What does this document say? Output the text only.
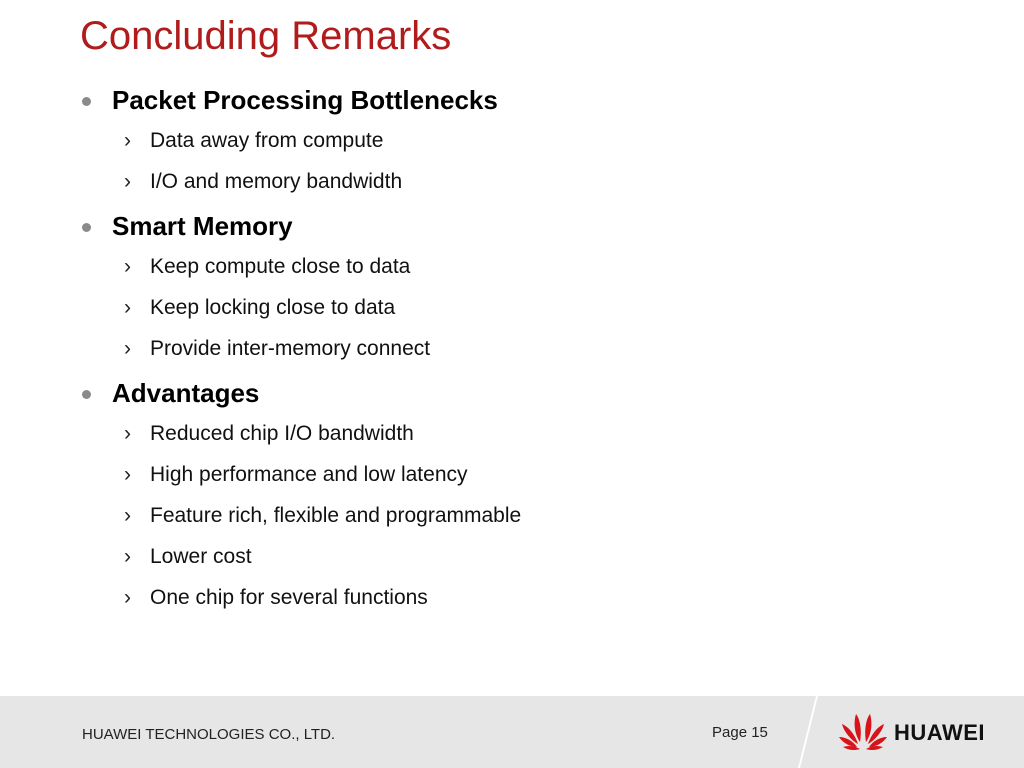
Concluding Remarks
Packet Processing Bottlenecks
› Data away from compute
› I/O and memory bandwidth
Smart Memory
› Keep compute close to data
› Keep locking close to data
› Provide inter-memory connect
Advantages
› Reduced chip I/O bandwidth
› High performance and low latency
› Feature rich, flexible and programmable
› Lower cost
› One chip for several functions
HUAWEI TECHNOLOGIES CO., LTD.	Page 15	HUAWEI
